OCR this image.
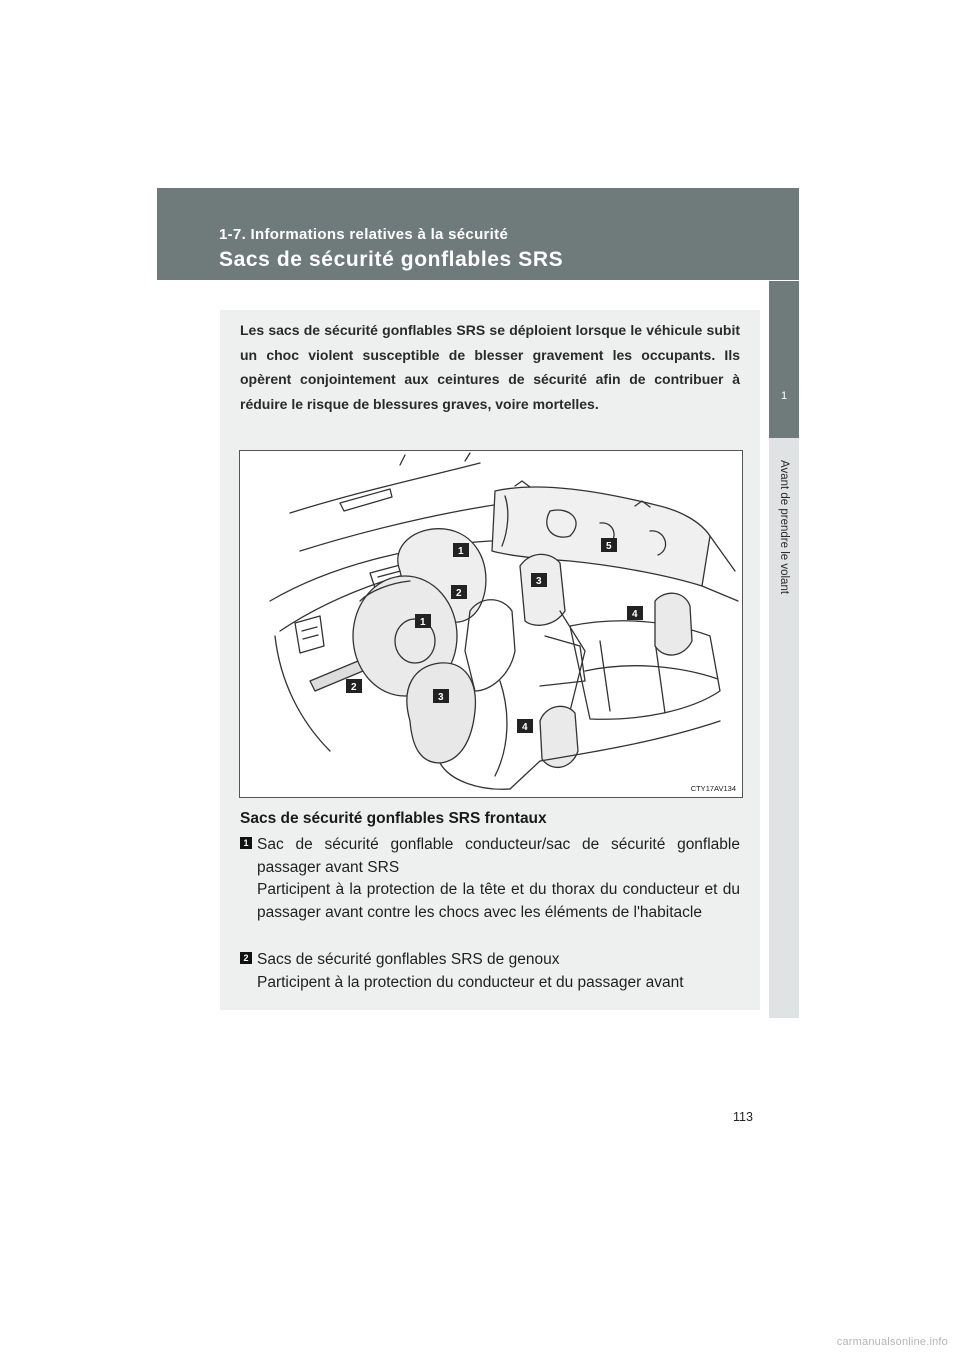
1-7. Informations relatives à la sécurité
Sacs de sécurité gonflables SRS
1
Avant de prendre le volant

Les sacs de sécurité gonflables SRS se déploient lorsque le véhicule subit un choc violent susceptible de blesser gravement les occupants. Ils opèrent conjointement aux ceintures de sécurité afin de contribuer à réduire le risque de blessures graves, voire mortelles.

1
2
3
4
5
1
2
3
4
CTY17AV134
Sacs de sécurité gonflables SRS frontaux
1 Sac de sécurité gonflable conducteur/sac de sécurité gonflable passager avant SRS
Participent à la protection de la tête et du thorax du conducteur et du passager avant contre les chocs avec les éléments de l'habitacle
2 Sacs de sécurité gonflables SRS de genoux
Participent à la protection du conducteur et du passager avant
113
carmanualsonline.info
